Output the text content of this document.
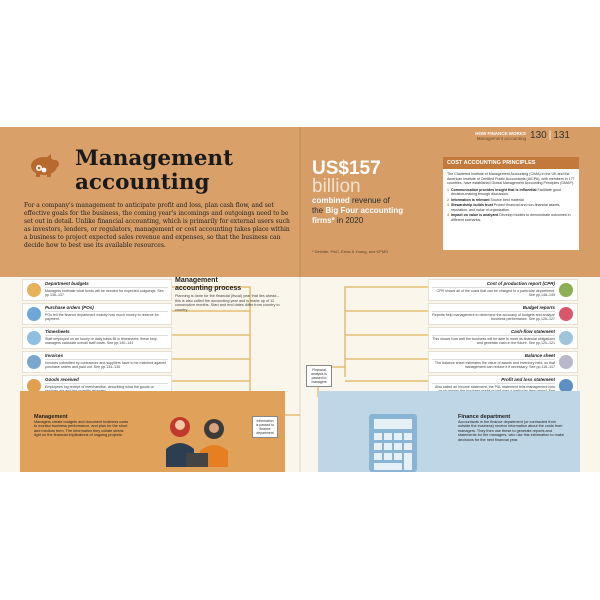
HOW FINANCE WORKS
Management accounting 130 | 131
Management
accounting

For a company's management to anticipate profit and loss, plan cash flow, and set effective goals for the business, the coming year's incomings and outgoings need to be set out in detail. Unlike financial accounting, which is primarily for external users such as investors, lenders, or regulators, management or cost accounting takes place within a business to project expected sales revenue and expenses, so that the business can decide how to best use its available resources.

US$157
billion
combined revenue of
the Big Four accounting
firms* in 2020
* Deloitte, PwC, Ernst & Young, and KPMG
COST ACCOUNTING PRINCIPLES

The Chartered Institute of Management Accounting (CIMA) in the UK and the American Institute of Certified Public Accountants (AICPA), with members in 177 countries, have established Global Management Accounting Principles (GMAP).

1 Communication provides insight that is influential Facilitate good decision-making through discussion.
2 Information is relevant Source best material.
3 Stewardship builds trust Protect financial and non-financial assets, reputation, and value of organization.
4 Impact on value is analyzed Develop models to demonstrate outcomes in different scenarios.
Department budgets
Managers estimate what funds will be needed for expected outgoings. See pp.136–137
Purchase orders (POs)
POs tell the finance department exactly how much money to reserve for payment.
Timesheets
Staff employed on an hourly or daily basis fill in timesheets; these help managers calculate overall staff costs. See pp.140–141
Invoices
Invoices submitted by contractors and suppliers have to be matched against purchase orders and paid out. See pp.134–135
Goods received
Employees log receipt of merchandise, describing what the goods or
Management
accounting process

Planning is done for the financial (fiscal) year that lies ahead – this is also called the accounting year and is made up of 12 consecutive months. Start and end dates differ from country to country.

Cost of production report (CPR)
CPR shows all of the costs that can be charged to a particular department. See pp.148–149
Budget reports
Reports help management to determine the accuracy of budgets and analyze business performance. See pp.126–127
Cash-flow statement
This shows how well the business will be able to meet its financial obligations and generate cash in the future. See pp.120–121
Balance sheet
The balance sheet estimates the value of assets and inventory held, so that management can reduce it if necessary. See pp.116–117
Profit and loss statement
Also called an income statement, the P&L statement tells management how
Management
Managers create budgets and document business costs to monitor business performance, and plan for the short and medium term. The information they collate sheds light on the financial implications of ongoing projects.
Information is passed to finance department
Financial analysis is passed to managers
Finance department
Accountants in the finance department (or contracted from outside the business) receive information about the costs from managers. They then use these to generate reports and statements for the managers, who use this information to make decisions for the next financial year.
